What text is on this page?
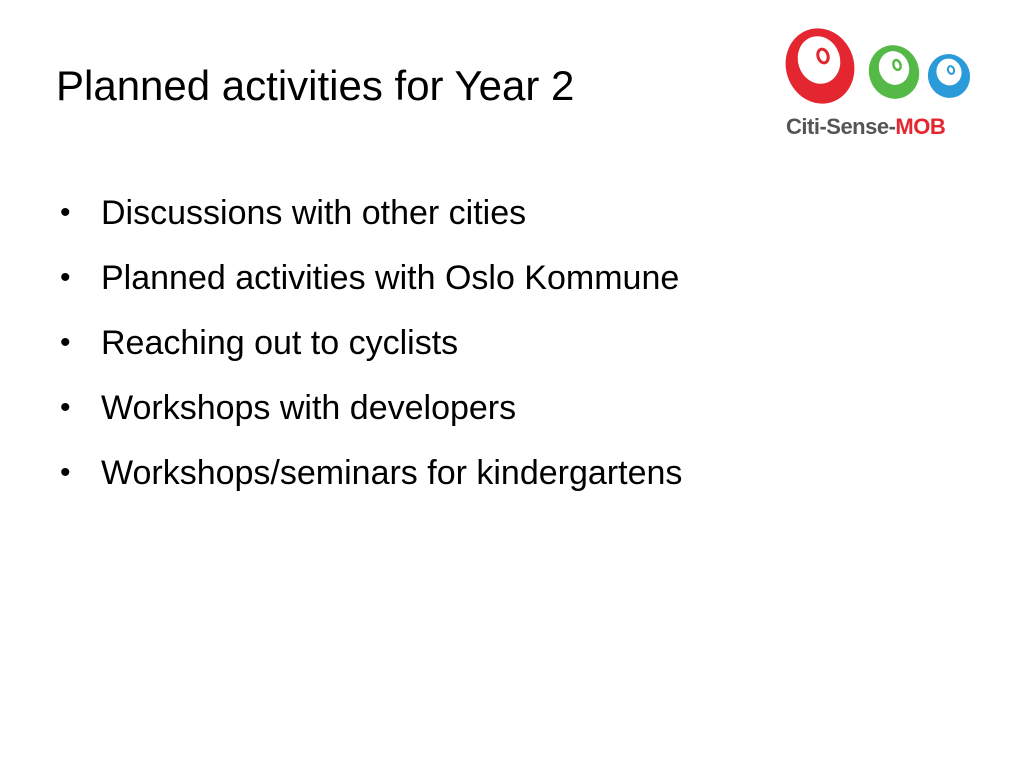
Planned activities for Year 2
Citi-Sense-MOB
• Discussions with other cities
• Planned activities with Oslo Kommune
• Reaching out to cyclists
• Workshops with developers
• Workshops/seminars for kindergartens
